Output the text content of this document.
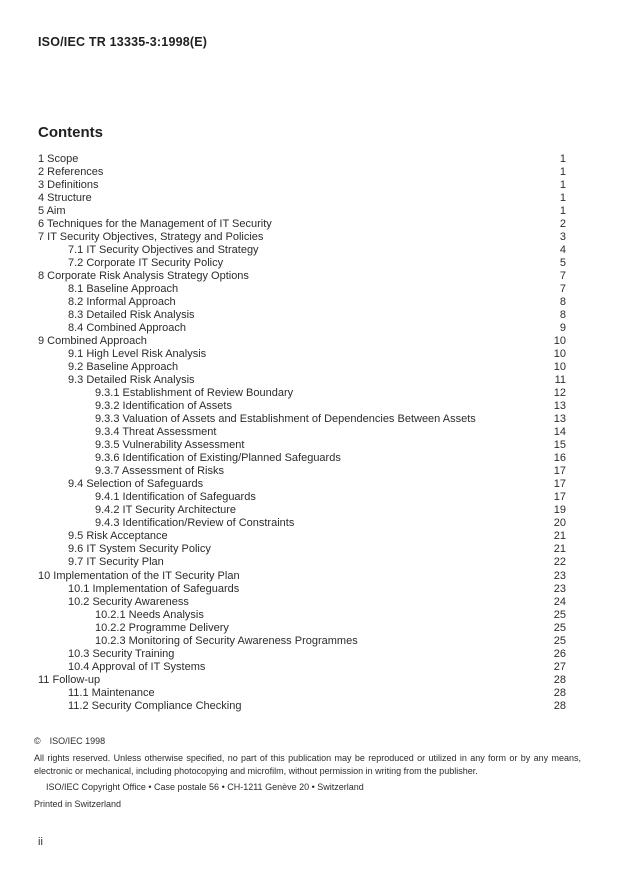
ISO/IEC TR 13335-3:1998(E)
Contents
1 Scope	1
2 References	1
3 Definitions	1
4 Structure	1
5 Aim	1
6 Techniques for the Management of IT Security	2
7 IT Security Objectives, Strategy and Policies	3
7.1 IT Security Objectives and Strategy	4
7.2 Corporate IT Security Policy	5
8 Corporate Risk Analysis Strategy Options	7
8.1 Baseline Approach	7
8.2 Informal Approach	8
8.3 Detailed Risk Analysis	8
8.4 Combined Approach	9
9 Combined Approach	10
9.1 High Level Risk Analysis	10
9.2 Baseline Approach	10
9.3 Detailed Risk Analysis	11
9.3.1 Establishment of Review Boundary	12
9.3.2 Identification of Assets	13
9.3.3 Valuation of Assets and Establishment of Dependencies Between Assets	13
9.3.4 Threat Assessment	14
9.3.5 Vulnerability Assessment	15
9.3.6 Identification of Existing/Planned Safeguards	16
9.3.7 Assessment of Risks	17
9.4 Selection of Safeguards	17
9.4.1 Identification of Safeguards	17
9.4.2 IT Security Architecture	19
9.4.3 Identification/Review of Constraints	20
9.5 Risk Acceptance	21
9.6 IT System Security Policy	21
9.7 IT Security Plan	22
10 Implementation of the IT Security Plan	23
10.1 Implementation of Safeguards	23
10.2 Security Awareness	24
10.2.1 Needs Analysis	25
10.2.2 Programme Delivery	25
10.2.3 Monitoring of Security Awareness Programmes	25
10.3 Security Training	26
10.4 Approval of IT Systems	27
11 Follow-up	28
11.1 Maintenance	28
11.2 Security Compliance Checking	28
© ISO/IEC 1998

All rights reserved. Unless otherwise specified, no part of this publication may be reproduced or utilized in any form or by any means, electronic or mechanical, including photocopying and microfilm, without permission in writing from the publisher.

ISO/IEC Copyright Office • Case postale 56 • CH-1211 Genève 20 • Switzerland
Printed in Switzerland
ii
